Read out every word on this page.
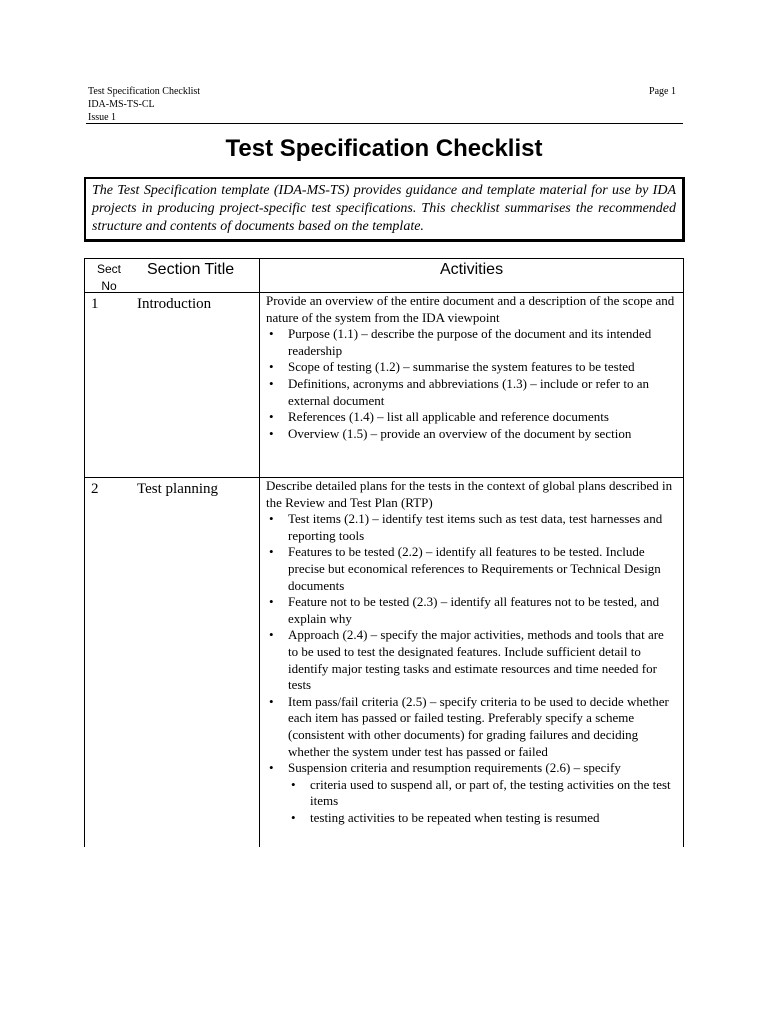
Test Specification Checklist
IDA-MS-TS-CL
Issue 1
Page 1
Test Specification Checklist
The Test Specification template (IDA-MS-TS) provides guidance and template material for use by IDA projects in producing project-specific test specifications. This checklist summarises the recommended structure and contents of documents based on the template.
Sect
No
Section Title	Activities
1	Introduction	Provide an overview of the entire document and a description of the scope and nature of the system from the IDA viewpoint

• Purpose (1.1) – describe the purpose of the document and its intended readership
• Scope of testing (1.2) – summarise the system features to be tested
• Definitions, acronyms and abbreviations (1.3) – include or refer to an external document
• References (1.4) – list all applicable and reference documents
• Overview (1.5) – provide an overview of the document by section
2	Test planning	Describe detailed plans for the tests in the context of global plans described in the Review and Test Plan (RTP)

• Test items (2.1) – identify test items such as test data, test harnesses and reporting tools
• Features to be tested (2.2) – identify all features to be tested. Include precise but economical references to Requirements or Technical Design documents
• Feature not to be tested (2.3) – identify all features not to be tested, and explain why
• Approach (2.4) – specify the major activities, methods and tools that are to be used to test the designated features. Include sufficient detail to identify major testing tasks and estimate resources and time needed for tests
• Item pass/fail criteria (2.5) – specify criteria to be used to decide whether each item has passed or failed testing. Preferably specify a scheme (consistent with other documents) for grading failures and deciding whether the system under test has passed or failed
• Suspension criteria and resumption requirements (2.6) – specify
• criteria used to suspend all, or part of, the testing activities on the test items
• testing activities to be repeated when testing is resumed
